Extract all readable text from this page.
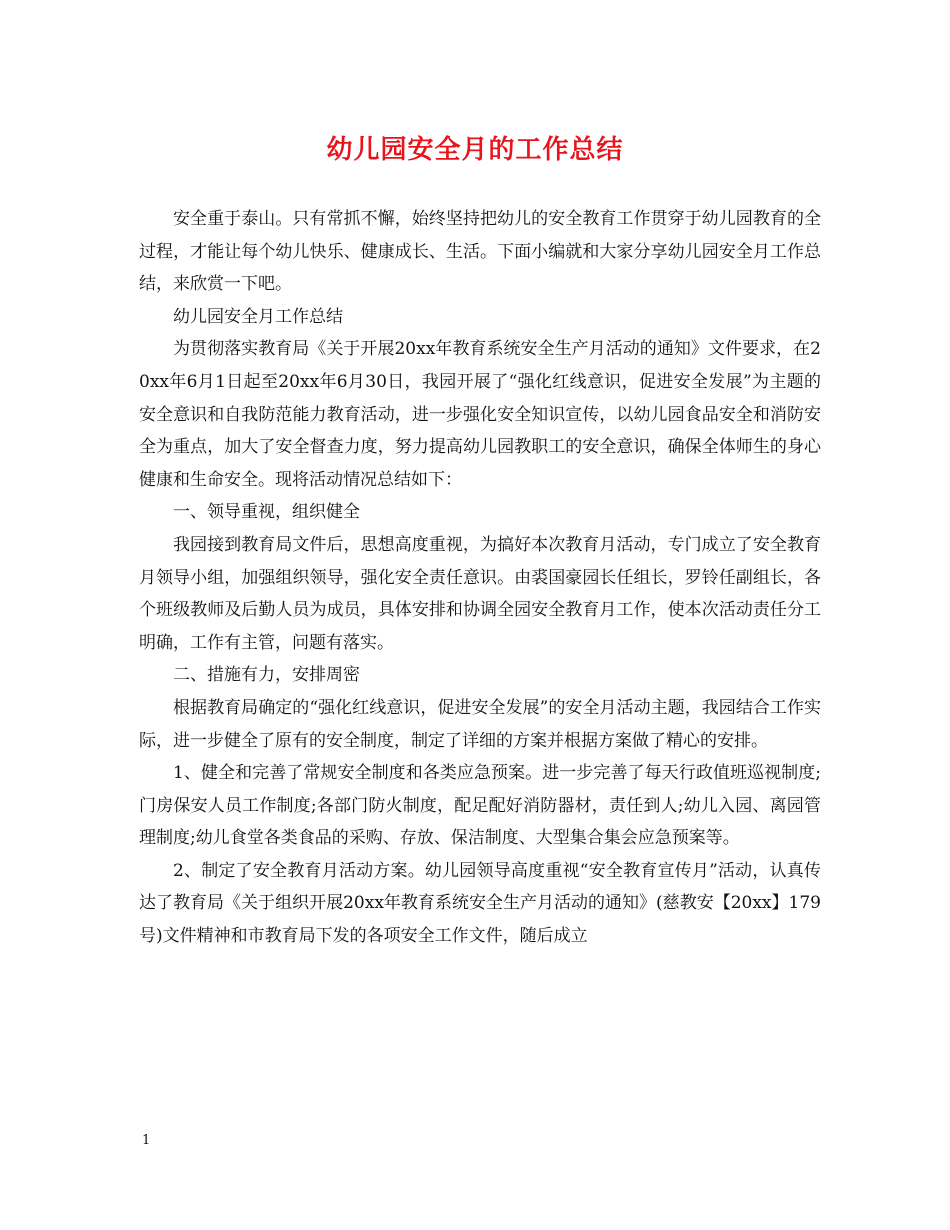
幼儿园安全月的工作总结

安全重于泰山。只有常抓不懈，始终坚持把幼儿的安全教育工作贯穿于幼儿园教育的全过程，才能让每个幼儿快乐、健康成长、生活。下面小编就和大家分享幼儿园安全月工作总结，来欣赏一下吧。

幼儿园安全月工作总结

为贯彻落实教育局《关于开展20xx年教育系统安全生产月活动的通知》文件要求，在20xx年6月1日起至20xx年6月30日，我园开展了“强化红线意识，促进安全发展”为主题的安全意识和自我防范能力教育活动，进一步强化安全知识宣传，以幼儿园食品安全和消防安全为重点，加大了安全督查力度，努力提高幼儿园教职工的安全意识，确保全体师生的身心健康和生命安全。现将活动情况总结如下：

一、领导重视，组织健全

我园接到教育局文件后，思想高度重视，为搞好本次教育月活动，专门成立了安全教育月领导小组，加强组织领导，强化安全责任意识。由裘国豪园长任组长，罗铃任副组长，各个班级教师及后勤人员为成员，具体安排和协调全园安全教育月工作，使本次活动责任分工明确，工作有主管，问题有落实。

二、措施有力，安排周密

根据教育局确定的“强化红线意识，促进安全发展”的安全月活动主题，我园结合工作实际，进一步健全了原有的安全制度，制定了详细的方案并根据方案做了精心的安排。

1、健全和完善了常规安全制度和各类应急预案。进一步完善了每天行政值班巡视制度;门房保安人员工作制度;各部门防火制度，配足配好消防器材，责任到人;幼儿入园、离园管理制度;幼儿食堂各类食品的采购、存放、保洁制度、大型集合集会应急预案等。

2、制定了安全教育月活动方案。幼儿园领导高度重视“安全教育宣传月”活动，认真传达了教育局《关于组织开展20xx年教育系统安全生产月活动的通知》(慈教安【20xx】179号)文件精神和市教育局下发的各项安全工作文件，随后成立

1
